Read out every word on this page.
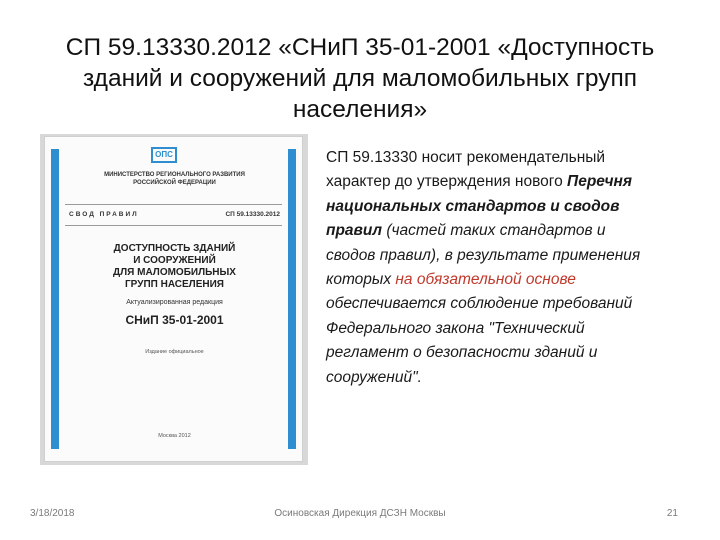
СП 59.13330.2012 «СНиП 35-01-2001 «Доступность
зданий и сооружений для маломобильных групп
населения»
ОПС
МИНИСТЕРСТВО РЕГИОНАЛЬНОГО РАЗВИТИЯ
РОССИЙСКОЙ ФЕДЕРАЦИИ
СВОД ПРАВИЛ	СП 59.13330.2012
ДОСТУПНОСТЬ ЗДАНИЙ
И СООРУЖЕНИЙ
ДЛЯ МАЛОМОБИЛЬНЫХ
ГРУПП НАСЕЛЕНИЯ
Актуализированная редакция
СНиП 35-01-2001
Издание официальное
Москва 2012
СП 59.13330 носит рекомендательный характер до утверждения нового Перечня национальных стандартов и сводов правил (частей таких стандартов и сводов правил), в результате применения которых на обязательной основе обеспечивается соблюдение требований Федерального закона "Технический регламент о безопасности зданий и сооружений".
3/18/2018	Осиновская Дирекция ДСЗН Москвы	21
